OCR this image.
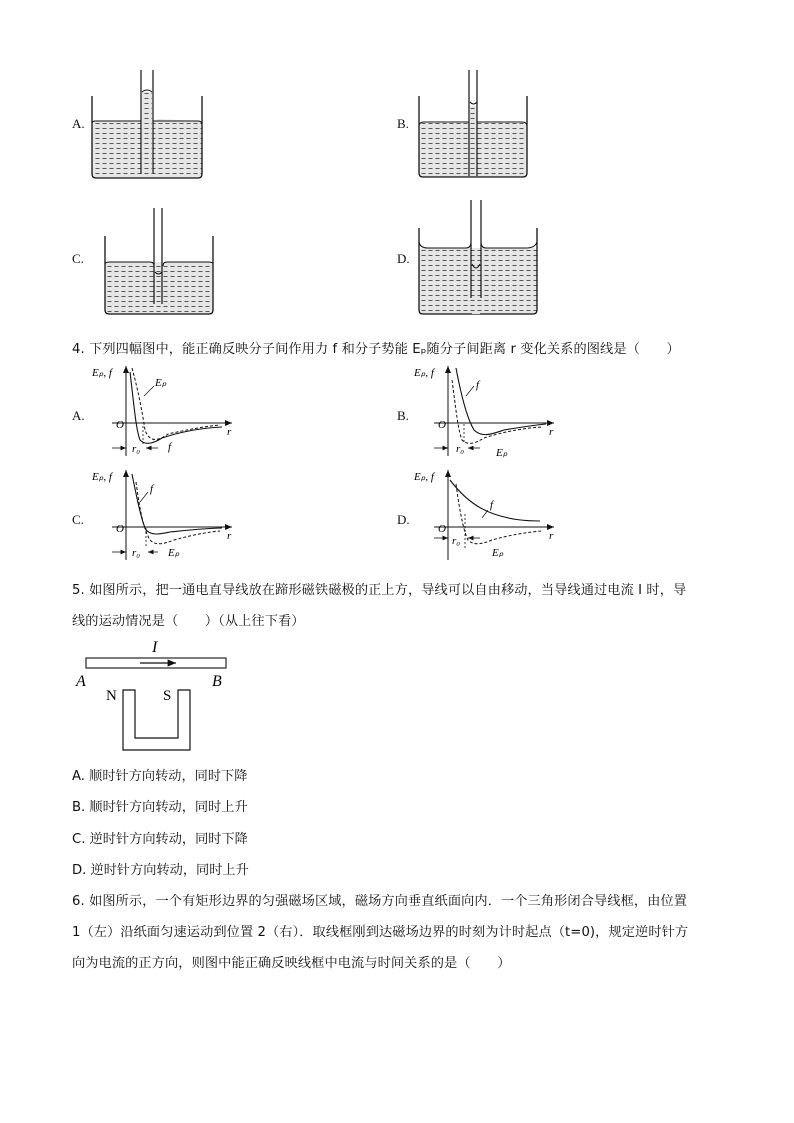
A.	B.
C.	D.
4. 下列四幅图中，能正确反映分子间作用力 f 和分子势能 Eₚ随分子间距离 r 变化关系的图线是（　　）
A.
Eₚ, f
r
O
Eₚ
r₀	f
B.
Eₚ, f
r
O
f
r₀	Eₚ
C.
Eₚ, f
r
O
f
r₀	Eₚ
D.
Eₚ, f
r
O
f
r₀
Eₚ
5. 如图所示，把一通电直导线放在蹄形磁铁磁极的正上方，导线可以自由移动，当导线通过电流 I 时，导
线的运动情况是（　　）（从上往下看）
I
A	B
N	S
A. 顺时针方向转动，同时下降
B. 顺时针方向转动，同时上升
C. 逆时针方向转动，同时下降
D. 逆时针方向转动，同时上升
6. 如图所示，一个有矩形边界的匀强磁场区域，磁场方向垂直纸面向内．一个三角形闭合导线框，由位置
1（左）沿纸面匀速运动到位置 2（右）．取线框刚到达磁场边界的时刻为计时起点（t=0)，规定逆时针方
向为电流的正方向，则图中能正确反映线框中电流与时间关系的是（　　）
